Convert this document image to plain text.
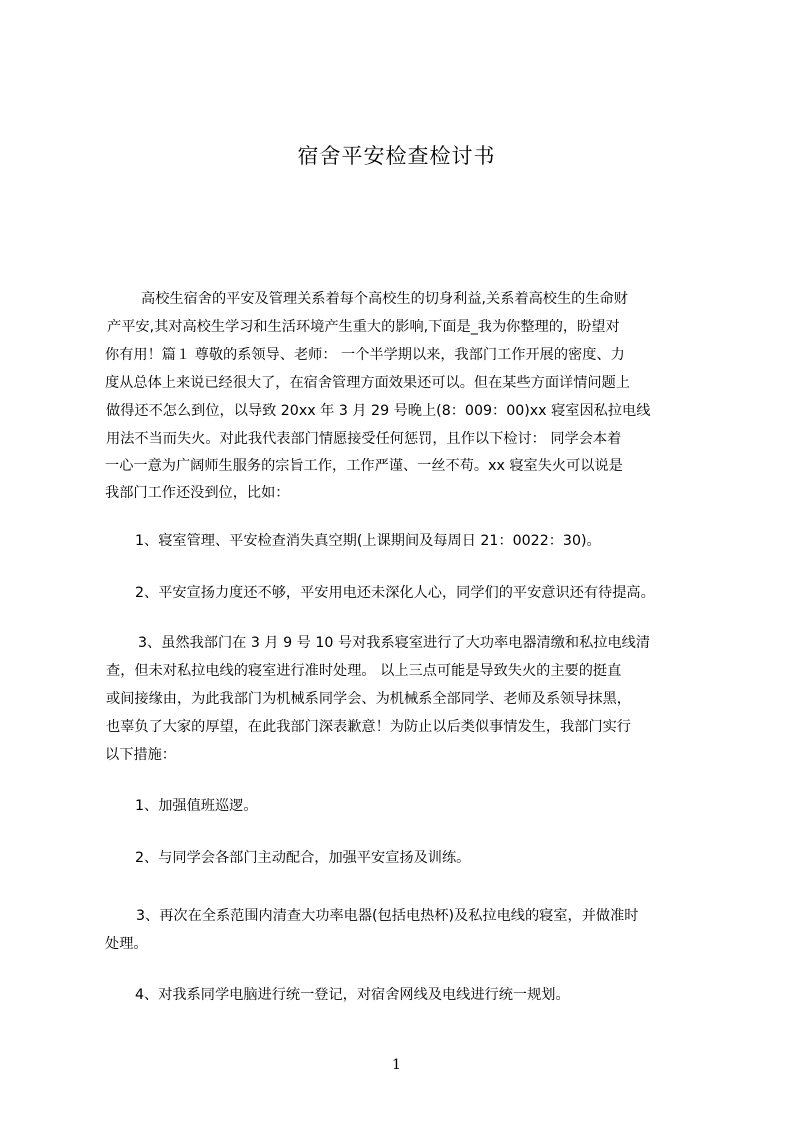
宿舍平安检查检讨书
高校生宿舍的平安及管理关系着每个高校生的切身利益,关系着高校生的生命财
产平安,其对高校生学习和生活环境产生重大的影响,下面是_我为你整理的，盼望对
你有用！篇１ 尊敬的系领导、老师： 一个半学期以来，我部门工作开展的密度、力
度从总体上来说已经很大了，在宿舍管理方面效果还可以。但在某些方面详情问题上
做得还不怎么到位，以导致 20xx 年 3 月 29 号晚上(8：009：00)xx 寝室因私拉电线
用法不当而失火。对此我代表部门情愿接受任何惩罚，且作以下检讨： 同学会本着
一心一意为广阔师生服务的宗旨工作，工作严谨、一丝不苟。xx 寝室失火可以说是
我部门工作还没到位，比如：
1、寝室管理、平安检查消失真空期(上课期间及每周日 21：0022：30)。
2、平安宣扬力度还不够，平安用电还未深化人心，同学们的平安意识还有待提高。
3、虽然我部门在 3 月 9 号 10 号对我系寝室进行了大功率电器清缴和私拉电线清
查，但未对私拉电线的寝室进行准时处理。 以上三点可能是导致失火的主要的挺直
或间接缘由，为此我部门为机械系同学会、为机械系全部同学、老师及系领导抹黑，
也辜负了大家的厚望，在此我部门深表歉意！为防止以后类似事情发生，我部门实行
以下措施：
1、加强值班巡逻。
2、与同学会各部门主动配合，加强平安宣扬及训练。
3、再次在全系范围内清查大功率电器(包括电热杯)及私拉电线的寝室，并做准时
处理。
4、对我系同学电脑进行统一登记，对宿舍网线及电线进行统一规划。
1
